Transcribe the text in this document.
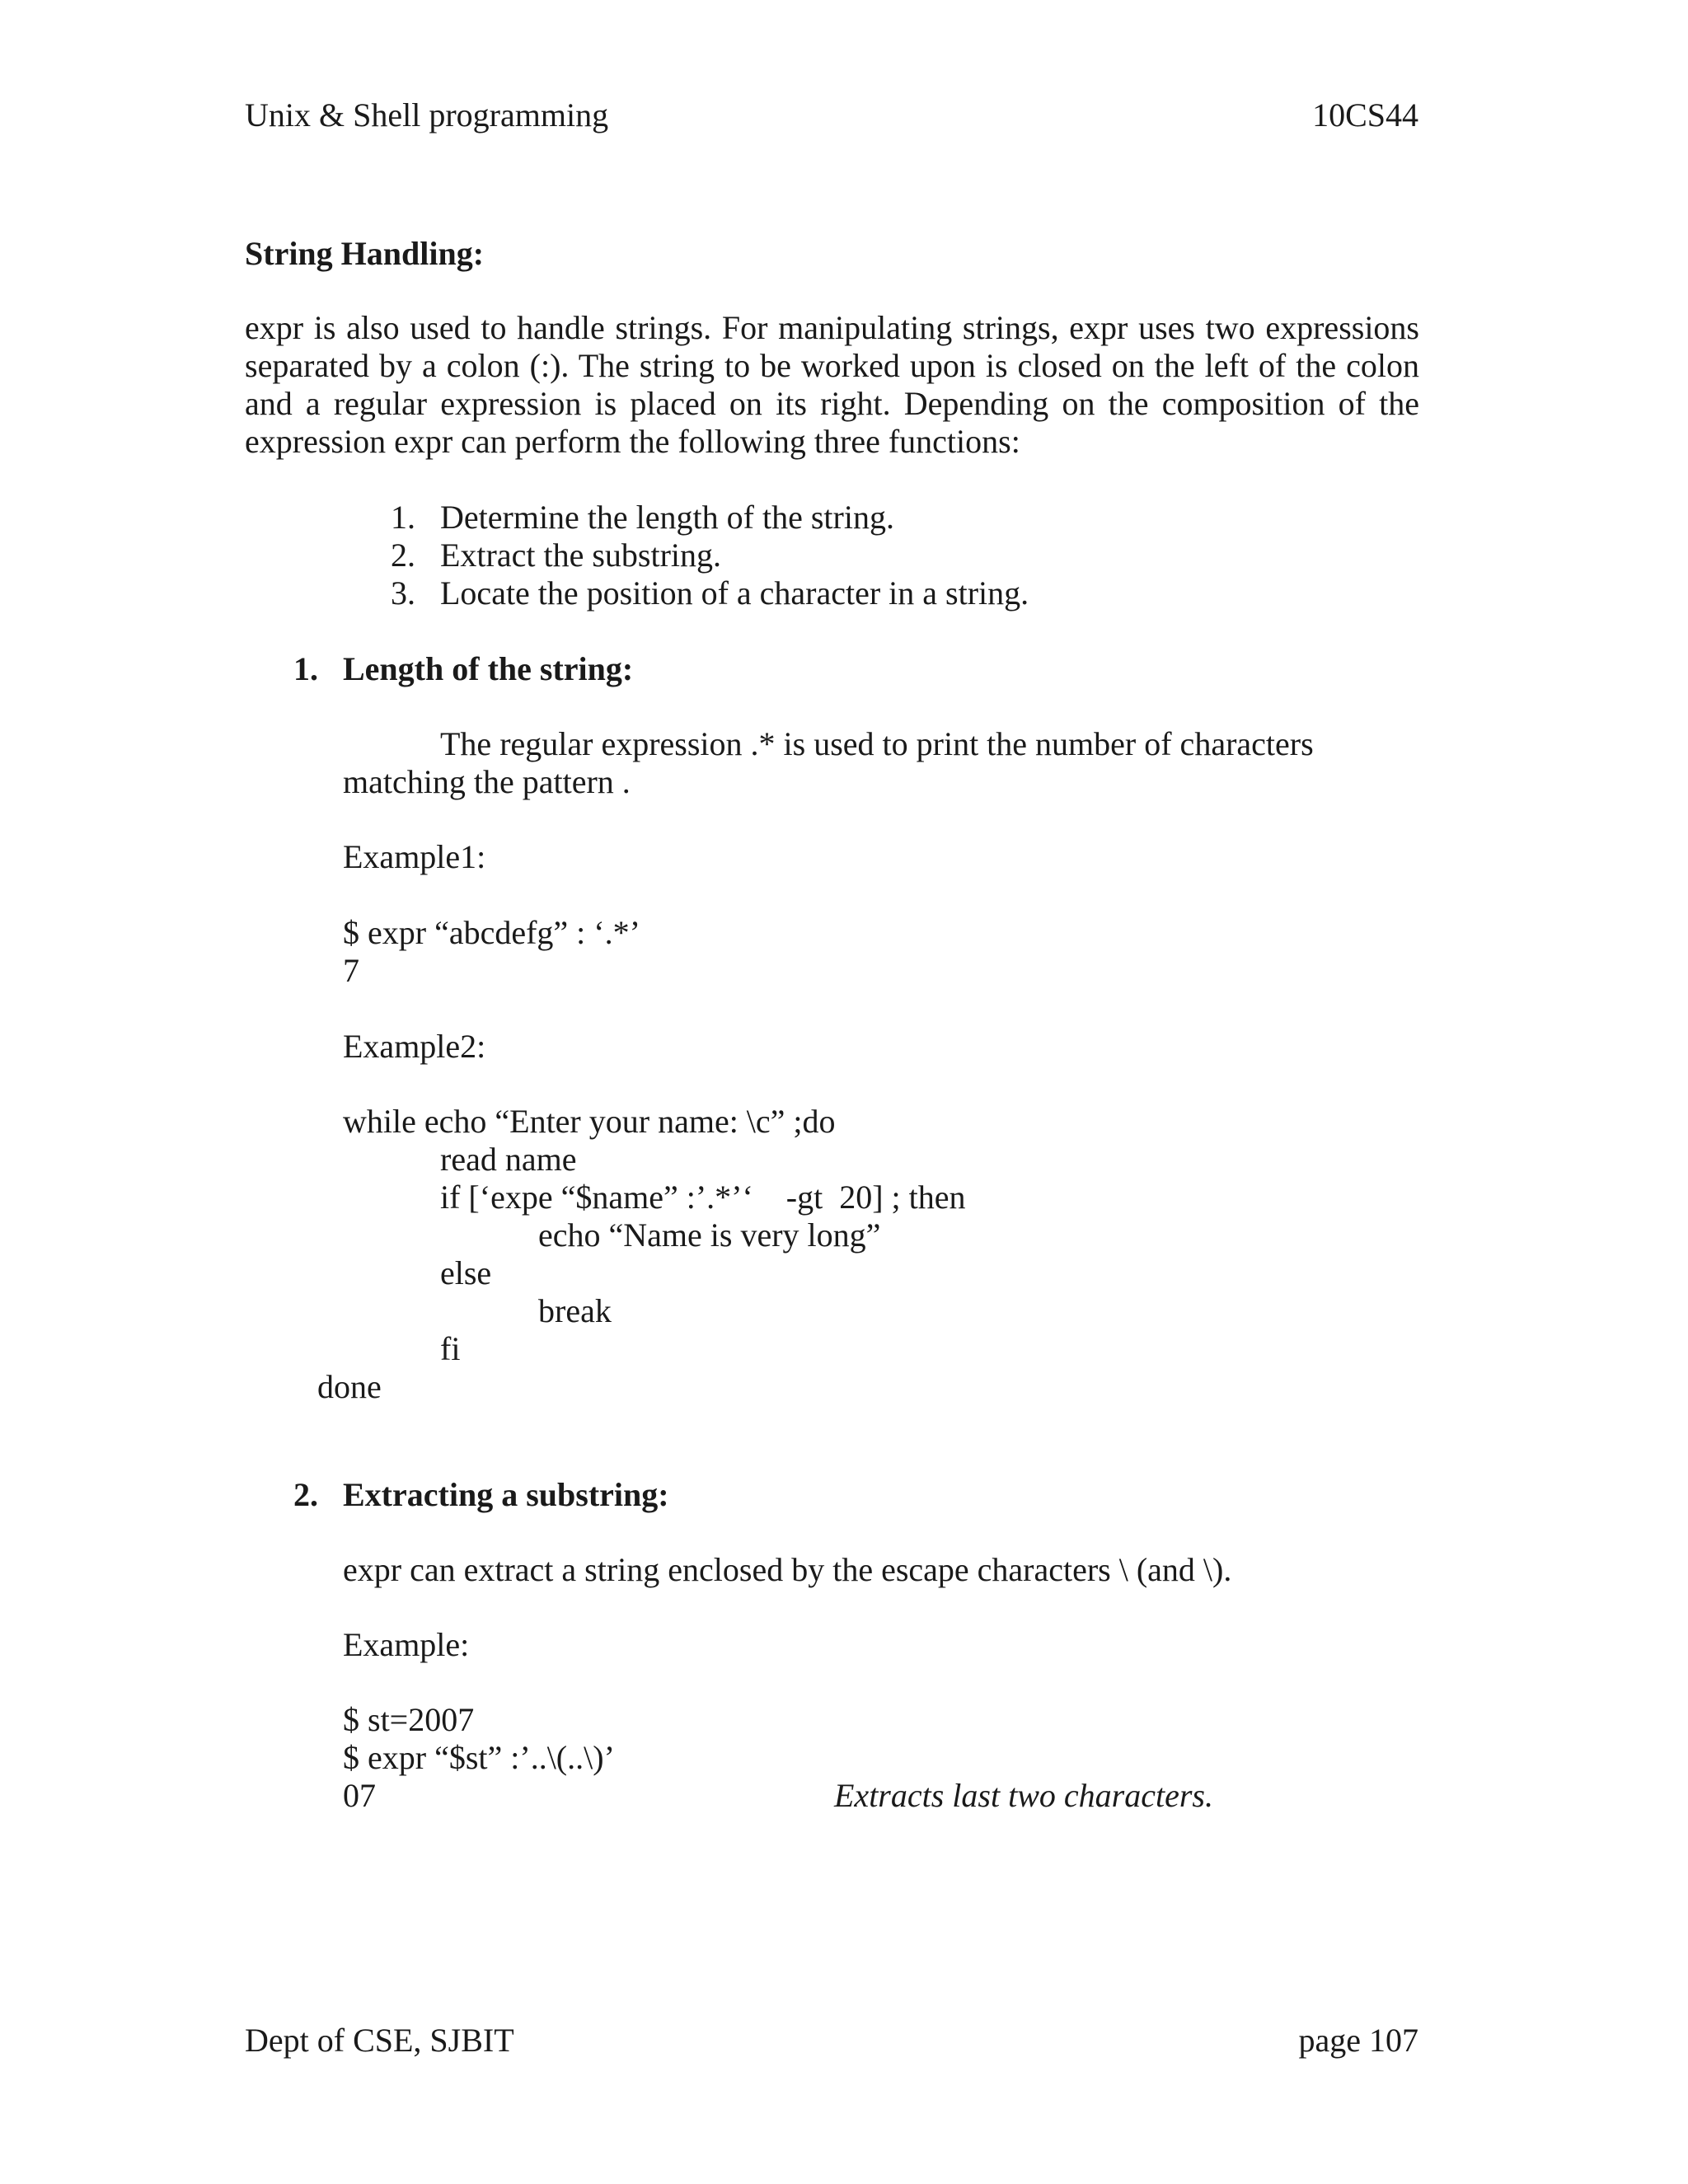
Unix & Shell programming	10CS44
String Handling:
expr is also used to handle strings. For manipulating strings, expr uses two expressions
separated by a colon (:). The string to be worked upon is closed on the left of the colon
and a regular expression is placed on its right. Depending on the composition of the
expression expr can perform the following three functions:
1. Determine the length of the string.
2. Extract the substring.
3. Locate the position of a character in a string.
1. Length of the string:
The regular expression .* is used to print the number of characters
matching the pattern .
Example1:
$ expr “abcdefg” : ‘.*’
7
Example2:
while echo “Enter your name: \c” ;do
read name
if [‘expe “$name” :’.*’‘    -gt  20] ; then
echo “Name is very long”
else
break
fi
done
2. Extracting a substring:
expr can extract a string enclosed by the escape characters \ (and \).
Example:
$ st=2007
$ expr “$st” :’..\(..\)’
07	Extracts last two characters.
Dept of CSE, SJBIT	page 107
